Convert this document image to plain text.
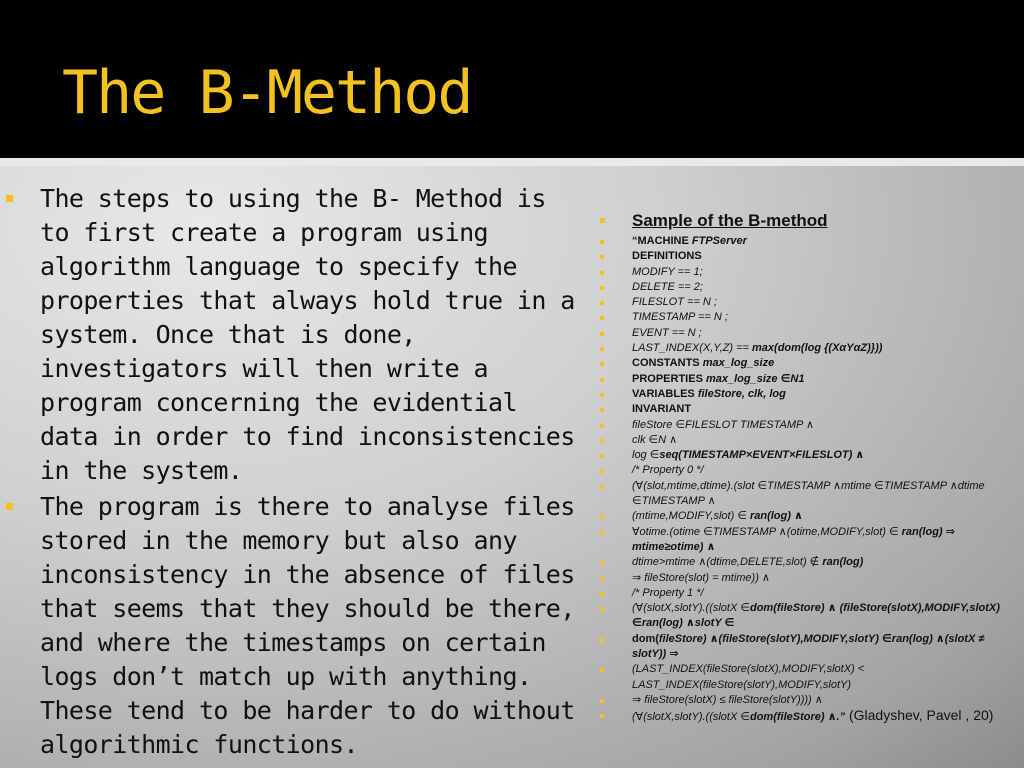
The B-Method

The steps to using the B- Method is to first create a program using algorithm language to specify the properties that always hold true in a system. Once that is done, investigators will then write a program concerning the evidential data in order to find inconsistencies in the system.

The program is there to analyse files stored in the memory but also any inconsistency in the absence of files that seems that they should be there, and where the timestamps on certain logs don’t match up with anything. These tend to be harder to do without algorithmic functions.

Sample of the B-method
“MACHINE FTPServer
DEFINITIONS
MODIFY == 1;
DELETE == 2;
FILESLOT == N ;
TIMESTAMP == N ;
EVENT == N ;
LAST_INDEX(X,Y,Z) == max(dom(log {(XαYαZ)}))
CONSTANTS max_log_size
PROPERTIES max_log_size ∈N1
VARIABLES fileStore, clk, log
INVARIANT
fileStore ∈FILESLOT TIMESTAMP ∧
clk ∈N ∧
log ∈seq(TIMESTAMP×EVENT×FILESLOT) ∧
/* Property 0 */
(∀(slot,mtime,dtime).(slot ∈TIMESTAMP ∧mtime ∈TIMESTAMP ∧dtime ∈TIMESTAMP ∧
(mtime,MODIFY,slot) ∈ ran(log) ∧
∀otime.(otime ∈TIMESTAMP ∧(otime,MODIFY,slot) ∈ ran(log) ⇒ mtime≥otime) ∧
dtime>mtime ∧(dtime,DELETE,slot) ∉ ran(log)
⇒ fileStore(slot) = mtime)) ∧
/* Property 1 */
(∀(slotX,slotY).((slotX ∈dom(fileStore) ∧ (fileStore(slotX),MODIFY,slotX) ∈ran(log) ∧slotY ∈
dom(fileStore) ∧(fileStore(slotY),MODIFY,slotY) ∈ran(log) ∧(slotX ≠ slotY)) ⇒
(LAST_INDEX(fileStore(slotX),MODIFY,slotX) < LAST_INDEX(fileStore(slotY),MODIFY,slotY)
⇒ fileStore(slotX) ≤ fileStore(slotY)))) ∧
(∀(slotX,slotY).((slotX ∈dom(fileStore) ∧.” (Gladyshev, Pavel , 20)
